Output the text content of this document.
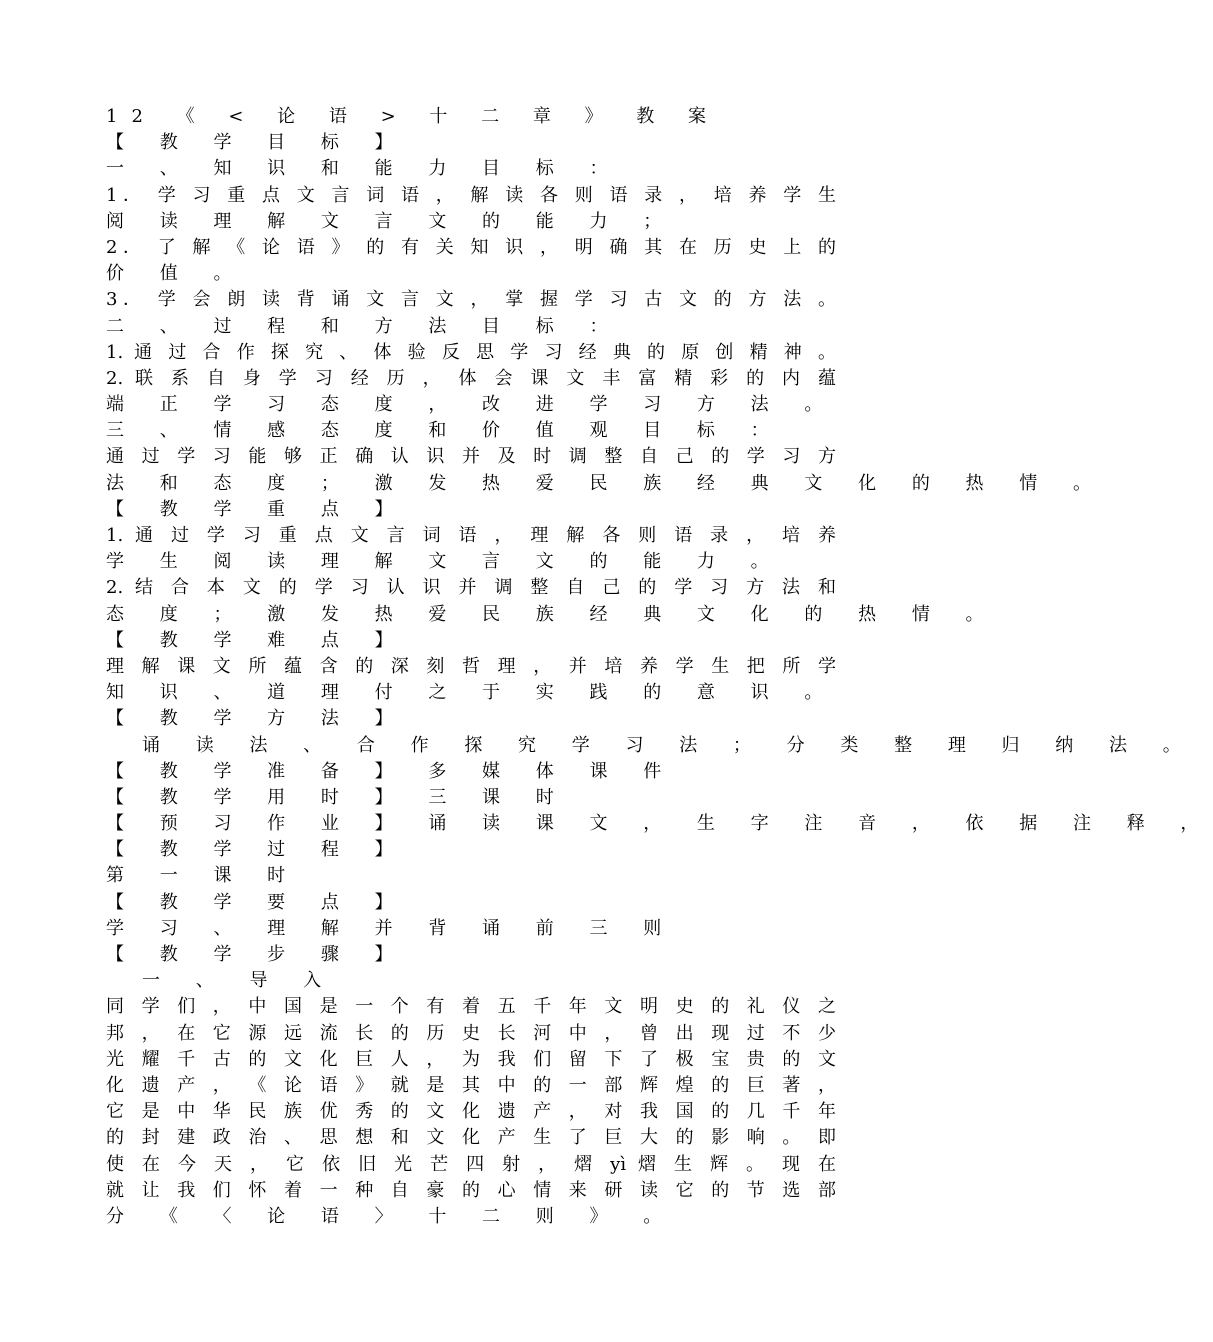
12 《 < 论 语 > 十 二 章 》 教 案
【 教 学 目 标 】
一 、 知 识 和 能 力 目 标 ：
1． 学 习 重 点 文 言 词 语 ， 解 读 各 则 语 录 ， 培 养 学 生
阅 读 理 解 文 言 文 的 能 力 ；
2． 了 解 《 论 语 》 的 有 关 知 识 ， 明 确 其 在 历 史 上 的
价 值 。
3． 学 会 朗 读 背 诵 文 言 文 ， 掌 握 学 习 古 文 的 方 法 。
二 、 过 程 和 方 法 目 标 ：
1. 通 过 合 作 探 究 、 体 验 反 思 学 习 经 典 的 原 创 精 神 。
2. 联 系 自 身 学 习 经 历 ， 体 会 课 文 丰 富 精 彩 的 内 蕴
端 正 学 习 态 度 ， 改 进 学 习 方 法 。
三 、 情 感 态 度 和 价 值 观 目 标 ：
通 过 学 习 能 够 正 确 认 识 并 及 时 调 整 自 己 的 学 习 方
法 和 态 度 ； 激 发 热 爱 民 族 经 典 文 化 的 热 情 。
【 教 学 重 点 】
1. 通 过 学 习 重 点 文 言 词 语 ， 理 解 各 则 语 录 ， 培 养
学 生 阅 读 理 解 文 言 文 的 能 力 。
2. 结 合 本 文 的 学 习 认 识 并 调 整 自 己 的 学 习 方 法 和
态 度 ； 激 发 热 爱 民 族 经 典 文 化 的 热 情 。
【 教 学 难 点 】
理 解 课 文 所 蕴 含 的 深 刻 哲 理 ， 并 培 养 学 生 把 所 学
知 识 、 道 理 付 之 于 实 践 的 意 识 。
【 教 学 方 法 】
诵 读 法 、 合 作 探 究 学 习 法 ； 分 类 整 理 归 纳 法 。
【 教 学 准 备 】 多 媒 体 课 件
【 教 学 用 时 】 三 课 时
【 预 习 作 业 】 诵 读 课 文 ， 生 字 注 音 ， 依 据 注 释 ，
【 教 学 过 程 】
第 一 课 时
【 教 学 要 点 】
学 习 、 理 解 并 背 诵 前 三 则
【 教 学 步 骤 】
一 、 导 入
同 学 们 ， 中 国 是 一 个 有 着 五 千 年 文 明 史 的 礼 仪 之
邦 ， 在 它 源 远 流 长 的 历 史 长 河 中 ， 曾 出 现 过 不 少
光 耀 千 古 的 文 化 巨 人 ， 为 我 们 留 下 了 极 宝 贵 的 文
化 遗 产 ， 《 论 语 》 就 是 其 中 的 一 部 辉 煌 的 巨 著 ，
它 是 中 华 民 族 优 秀 的 文 化 遗 产 ， 对 我 国 的 几 千 年
的 封 建 政 治 、 思 想 和 文 化 产 生 了 巨 大 的 影 响 。 即
使 在 今 天 ， 它 依 旧 光 芒 四 射 ， 熠 yì 熠 生 辉 。 现 在
就 让 我 们 怀 着 一 种 自 豪 的 心 情 来 研 读 它 的 节 选 部
分 《 〈 论 语 〉 十 二 则 》 。
